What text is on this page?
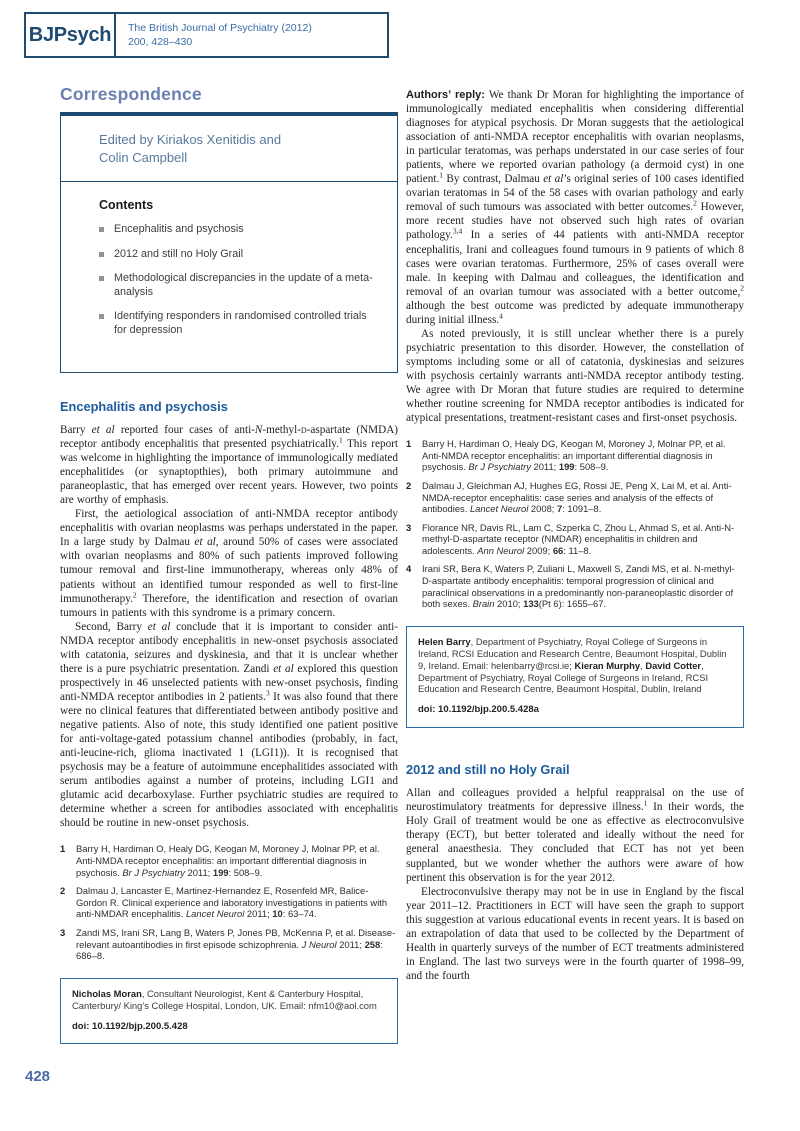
BJPsych	The British Journal of Psychiatry (2012)
200, 428–430
Correspondence
Edited by Kiriakos Xenitidis and
Colin Campbell
Contents
Encephalitis and psychosis
2012 and still no Holy Grail
Methodological discrepancies in the update of a meta-analysis
Identifying responders in randomised controlled trials for depression
Encephalitis and psychosis

Barry et al reported four cases of anti-N-methyl-d-aspartate (NMDA) receptor antibody encephalitis that presented psychiatrically.$^1$ This report was welcome in highlighting the importance of immunologically mediated encephalitides (or synaptopthies), both primary autoimmune and paraneoplastic, that has emerged over recent years. However, two points are worthy of emphasis.

First, the aetiological association of anti-NMDA receptor antibody encephalitis with ovarian neoplasms was perhaps understated in the paper. In a large study by Dalmau et al, around 50% of cases were associated with ovarian neoplasms and 80% of such patients improved following tumour removal and first-line immunotherapy, whereas only 48% of patients without an identified tumour responded as well to first-line immunotherapy.$^2$ Therefore, the identification and resection of ovarian tumours in patients with this syndrome is a primary concern.

Second, Barry et al conclude that it is important to consider anti-NMDA receptor antibody encephalitis in new-onset psychosis associated with catatonia, seizures and dyskinesia, and that it is unclear whether there is a pure psychiatric presentation. Zandi et al explored this question prospectively in 46 unselected patients with new-onset psychosis, finding anti-NMDA receptor antibodies in 2 patients.$^3$ It was also found that there were no clinical features that differentiated between antibody positive and negative patients. Also of note, this study identified one patient positive for anti-voltage-gated potassium channel antibodies (probably, in fact, anti-leucine-rich, glioma inactivated 1 (LGI1)). It is recognised that psychosis may be a feature of autoimmune encephalitides associated with serum antibodies against a number of proteins, including LGI1 and glutamic acid decarboxylase. Further psychiatric studies are required to determine whether a screen for antibodies associated with encephalitis should be routine in new-onset psychosis.

1	Barry H, Hardiman O, Healy DG, Keogan M, Moroney J, Molnar PP, et al. Anti-NMDA receptor encephalitis: an important differential diagnosis in psychosis. Br J Psychiatry 2011; 199: 508–9.
2	Dalmau J, Lancaster E, Martinez-Hernandez E, Rosenfeld MR, Balice-Gordon R. Clinical experience and laboratory investigations in patients with anti-NMDAR encephalitis. Lancet Neurol 2011; 10: 63–74.
3	Zandi MS, Irani SR, Lang B, Waters P, Jones PB, McKenna P, et al. Disease-relevant autoantibodies in first episode schizophrenia. J Neurol 2011; 258: 686–8.
Nicholas Moran, Consultant Neurologist, Kent & Canterbury Hospital, Canterbury/ King’s College Hospital, London, UK. Email: nfm10@aol.com
doi: 10.1192/bjp.200.5.428

Authors’ reply: We thank Dr Moran for highlighting the importance of immunologically mediated encephalitis when considering differential diagnoses for atypical psychosis. Dr Moran suggests that the aetiological association of anti-NMDA receptor encephalitis with ovarian neoplasms, in particular teratomas, was perhaps understated in our case series of four patients, where we reported ovarian pathology (a dermoid cyst) in one patient.$^1$ By contrast, Dalmau et al’s original series of 100 cases identified ovarian teratomas in 54 of the 58 cases with ovarian pathology and early removal of such tumours was associated with better outcomes.$^2$ However, more recent studies have not observed such high rates of ovarian pathology.$^{3,4}$ In a series of 44 patients with anti-NMDA receptor encephalitis, Irani and colleagues found tumours in 9 patients of which 8 cases were ovarian teratomas. Furthermore, 25% of cases overall were male. In keeping with Dalmau and colleagues, the identification and removal of an ovarian tumour was associated with a better outcome,$^2$ although the best outcome was predicted by adequate immunotherapy during initial illness.$^4$

As noted previously, it is still unclear whether there is a purely psychiatric presentation to this disorder. However, the constellation of symptoms including some or all of catatonia, dyskinesias and seizures with psychosis certainly warrants anti-NMDA receptor antibody testing. We agree with Dr Moran that future studies are required to determine whether routine screening for NMDA receptor antibodies is indicated for atypical presentations, treatment-resistant cases and first-onset psychosis.

1	Barry H, Hardiman O, Healy DG, Keogan M, Moroney J, Molnar PP, et al. Anti-NMDA receptor encephalitis: an important differential diagnosis in psychosis. Br J Psychiatry 2011; 199: 508–9.
2	Dalmau J, Gleichman AJ, Hughes EG, Rossi JE, Peng X, Lai M, et al. Anti-NMDA-receptor encephalitis: case series and analysis of the effects of antibodies. Lancet Neurol 2008; 7: 1091–8.
3	Florance NR, Davis RL, Lam C, Szperka C, Zhou L, Ahmad S, et al. Anti-N-methyl-D-aspartate receptor (NMDAR) encephalitis in children and adolescents. Ann Neurol 2009; 66: 11–8.
4	Irani SR, Bera K, Waters P, Zuliani L, Maxwell S, Zandi MS, et al. N-methyl-D-aspartate antibody encephalitis: temporal progression of clinical and paraclinical observations in a predominantly non-paraneoplastic disorder of both sexes. Brain 2010; 133(Pt 6): 1655–67.
Helen Barry, Department of Psychiatry, Royal College of Surgeons in Ireland, RCSI Education and Research Centre, Beaumont Hospital, Dublin 9, Ireland. Email: helenbarry@rcsi.ie; Kieran Murphy, David Cotter, Department of Psychiatry, Royal College of Surgeons in Ireland, RCSI Education and Research Centre, Beaumont Hospital, Dublin, Ireland
doi: 10.1192/bjp.200.5.428a
2012 and still no Holy Grail

Allan and colleagues provided a helpful reappraisal on the use of neurostimulatory treatments for depressive illness.$^1$ In their words, the Holy Grail of treatment would be one as effective as electroconvulsive therapy (ECT), but better tolerated and ideally without the need for general anaesthesia. They concluded that ECT has not yet been supplanted, but we wonder whether the authors were aware of how pertinent this observation is for the year 2012.

Electroconvulsive therapy may not be in use in England by the fiscal year 2011–12. Practitioners in ECT will have seen the graph to support this suggestion at various educational events in recent years. It is based on an extrapolation of data that used to be collected by the Department of Health in quarterly surveys of the number of ECT treatments administered in England. The last two surveys were in the fourth quarter of 1998–99, and the fourth

428
